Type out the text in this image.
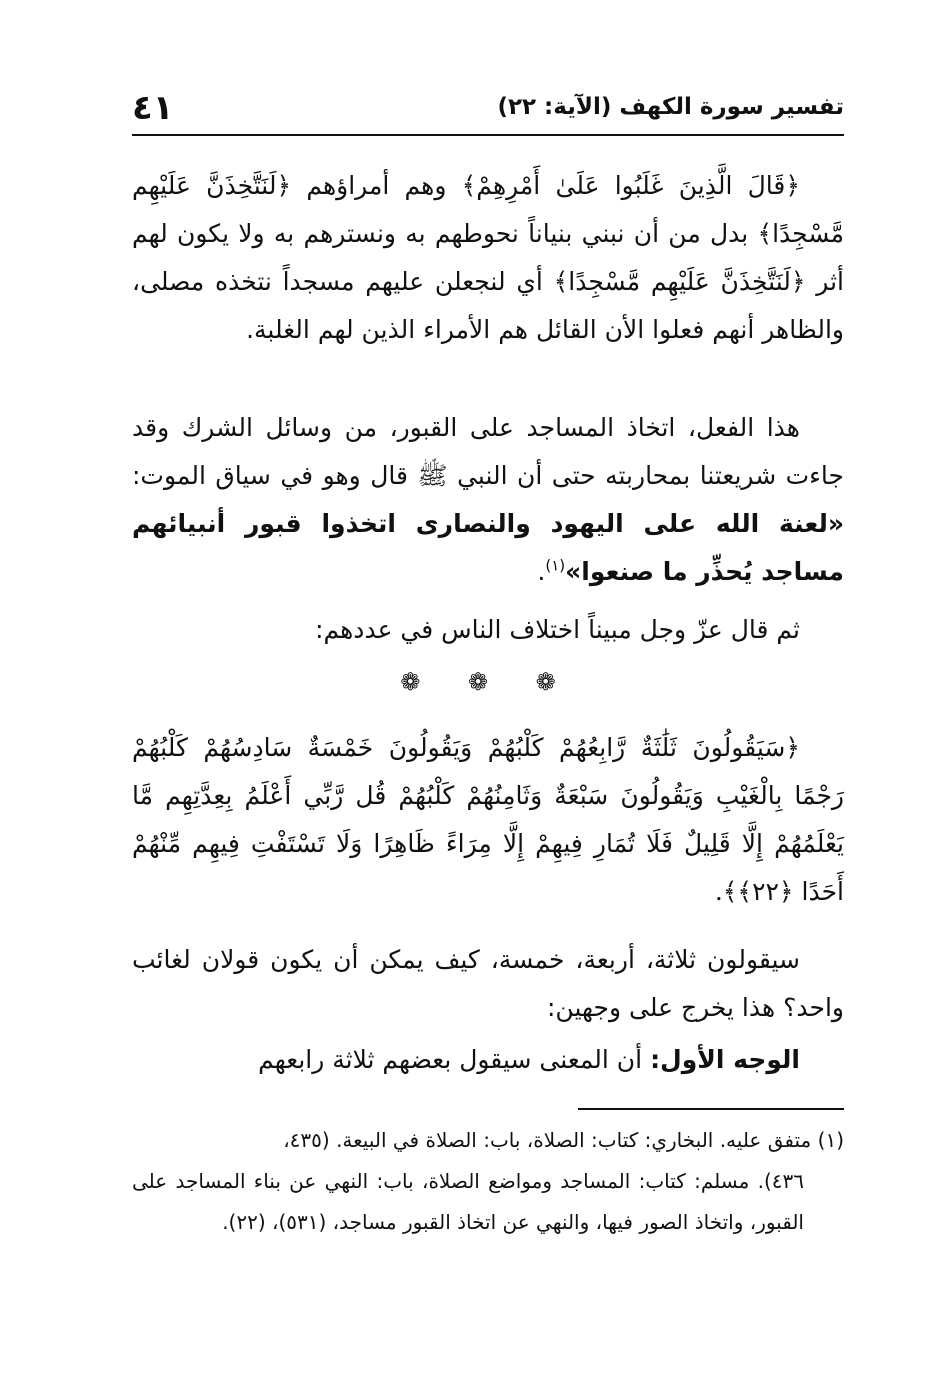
تفسير سورة الكهف (الآية: ٢٢)
٤١

﴿قَالَ الَّذِينَ غَلَبُوا عَلَىٰ أَمْرِهِمْ﴾ وهم أمراؤهم ﴿لَنَتَّخِذَنَّ عَلَيْهِم مَّسْجِدًا﴾ بدل من أن نبني بنياناً نحوطهم به ونسترهم به ولا يكون لهم أثر ﴿لَنَتَّخِذَنَّ عَلَيْهِم مَّسْجِدًا﴾ أي لنجعلن عليهم مسجداً نتخذه مصلى، والظاهر أنهم فعلوا الأن القائل هم الأمراء الذين لهم الغلبة.

هذا الفعل، اتخاذ المساجد على القبور، من وسائل الشرك وقد جاءت شريعتنا بمحاربته حتى أن النبي ﷺ قال وهو في سياق الموت: «لعنة الله على اليهود والنصارى اتخذوا قبور أنبيائهم مساجد يُحذِّر ما صنعوا»$^{(١)}$.

ثم قال عزّ وجل مبيناً اختلاف الناس في عددهم:

❁ ❁ ❁

﴿سَيَقُولُونَ ثَلَٰثَةٌ رَّابِعُهُمْ كَلْبُهُمْ وَيَقُولُونَ خَمْسَةٌ سَادِسُهُمْ كَلْبُهُمْ رَجْمًا بِالْغَيْبِ وَيَقُولُونَ سَبْعَةٌ وَثَامِنُهُمْ كَلْبُهُمْ قُل رَّبِّي أَعْلَمُ بِعِدَّتِهِم مَّا يَعْلَمُهُمْ إِلَّا قَلِيلٌ فَلَا تُمَارِ فِيهِمْ إِلَّا مِرَاءً ظَاهِرًا وَلَا تَسْتَفْتِ فِيهِم مِّنْهُمْ أَحَدًا ﴿٢٢﴾﴾.

سيقولون ثلاثة، أربعة، خمسة، كيف يمكن أن يكون قولان لغائب واحد؟ هذا يخرج على وجهين:

الوجه الأول: أن المعنى سيقول بعضهم ثلاثة رابعهم

(١) متفق عليه. البخاري: كتاب: الصلاة، باب: الصلاة في البيعة. (٤٣٥،

٤٣٦). مسلم: كتاب: المساجد ومواضع الصلاة، باب: النهي عن بناء المساجد على القبور، واتخاذ الصور فيها، والنهي عن اتخاذ القبور مساجد، (٥٣١)، (٢٢).
